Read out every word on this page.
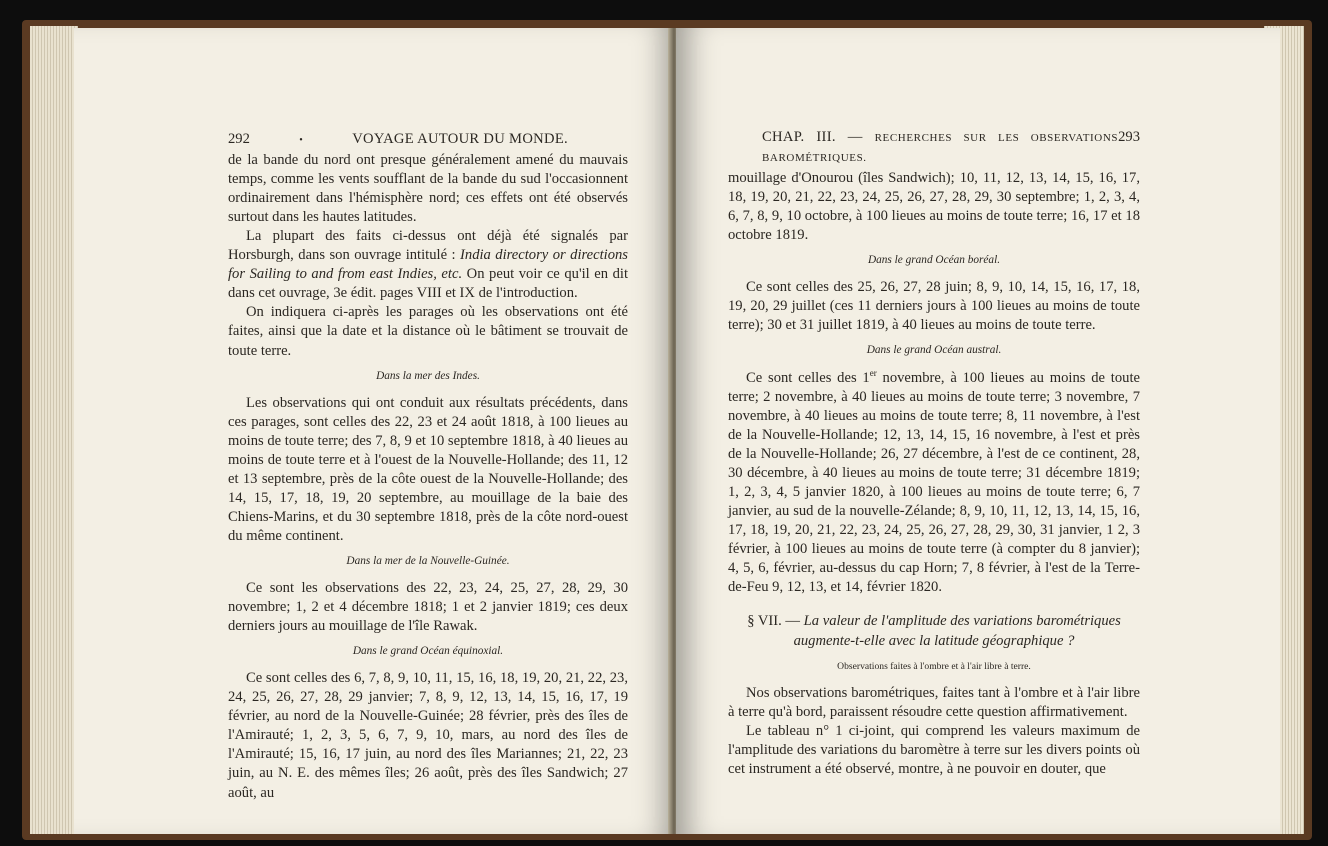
292	•	VOYAGE AUTOUR DU MONDE.

de la bande du nord ont presque généralement amené du mauvais temps, comme les vents soufflant de la bande du sud l'occasionnent ordinairement dans l'hémisphère nord; ces effets ont été observés surtout dans les hautes latitudes.

La plupart des faits ci-dessus ont déjà été signalés par Horsburgh, dans son ouvrage intitulé : India directory or directions for Sailing to and from east Indies, etc. On peut voir ce qu'il en dit dans cet ouvrage, 3e édit. pages VIII et IX de l'introduction.

On indiquera ci-après les parages où les observations ont été faites, ainsi que la date et la distance où le bâtiment se trouvait de toute terre.

Dans la mer des Indes.

Les observations qui ont conduit aux résultats précédents, dans ces parages, sont celles des 22, 23 et 24 août 1818, à 100 lieues au moins de toute terre; des 7, 8, 9 et 10 septembre 1818, à 40 lieues au moins de toute terre et à l'ouest de la Nouvelle-Hollande; des 11, 12 et 13 septembre, près de la côte ouest de la Nouvelle-Hollande; des 14, 15, 17, 18, 19, 20 septembre, au mouillage de la baie des Chiens-Marins, et du 30 septembre 1818, près de la côte nord-ouest du même continent.

Dans la mer de la Nouvelle-Guinée.

Ce sont les observations des 22, 23, 24, 25, 27, 28, 29, 30 novembre; 1, 2 et 4 décembre 1818; 1 et 2 janvier 1819; ces deux derniers jours au mouillage de l'île Rawak.

Dans le grand Océan équinoxial.

Ce sont celles des 6, 7, 8, 9, 10, 11, 15, 16, 18, 19, 20, 21, 22, 23, 24, 25, 26, 27, 28, 29 janvier; 7, 8, 9, 12, 13, 14, 15, 16, 17, 19 février, au nord de la Nouvelle-Guinée; 28 février, près des îles de l'Amirauté; 1, 2, 3, 5, 6, 7, 9, 10, mars, au nord des îles de l'Amirauté; 15, 16, 17 juin, au nord des îles Mariannes; 21, 22, 23 juin, au N. E. des mêmes îles; 26 août, près des îles Sandwich; 27 août, au

CHAP. III. — RECHERCHES SUR LES OBSERVATIONS BAROMÉTRIQUES.
293

mouillage d'Onourou (îles Sandwich); 10, 11, 12, 13, 14, 15, 16, 17, 18, 19, 20, 21, 22, 23, 24, 25, 26, 27, 28, 29, 30 septembre; 1, 2, 3, 4, 6, 7, 8, 9, 10 octobre, à 100 lieues au moins de toute terre; 16, 17 et 18 octobre 1819.

Dans le grand Océan boréal.

Ce sont celles des 25, 26, 27, 28 juin; 8, 9, 10, 14, 15, 16, 17, 18, 19, 20, 29 juillet (ces 11 derniers jours à 100 lieues au moins de toute terre); 30 et 31 juillet 1819, à 40 lieues au moins de toute terre.

Dans le grand Océan austral.

Ce sont celles des 1er novembre, à 100 lieues au moins de toute terre; 2 novembre, à 40 lieues au moins de toute terre; 3 novembre, 7 novembre, à 40 lieues au moins de toute terre; 8, 11 novembre, à l'est de la Nouvelle-Hollande; 12, 13, 14, 15, 16 novembre, à l'est et près de la Nouvelle-Hollande; 26, 27 décembre, à l'est de ce continent, 28, 30 décembre, à 40 lieues au moins de toute terre; 31 décembre 1819; 1, 2, 3, 4, 5 janvier 1820, à 100 lieues au moins de toute terre; 6, 7 janvier, au sud de la nouvelle-Zélande; 8, 9, 10, 11, 12, 13, 14, 15, 16, 17, 18, 19, 20, 21, 22, 23, 24, 25, 26, 27, 28, 29, 30, 31 janvier, 1 2, 3 février, à 100 lieues au moins de toute terre (à compter du 8 janvier); 4, 5, 6, février, au-dessus du cap Horn; 7, 8 février, à l'est de la Terre-de-Feu 9, 12, 13, et 14, février 1820.

§ VII. — La valeur de l'amplitude des variations barométriques augmente-t-elle avec la latitude géographique ?
Observations faites à l'ombre et à l'air libre à terre.

Nos observations barométriques, faites tant à l'ombre et à l'air libre à terre qu'à bord, paraissent résoudre cette question affirmativement.

Le tableau n° 1 ci-joint, qui comprend les valeurs maximum de l'amplitude des variations du baromètre à terre sur les divers points où cet instrument a été observé, montre, à ne pouvoir en douter, que
